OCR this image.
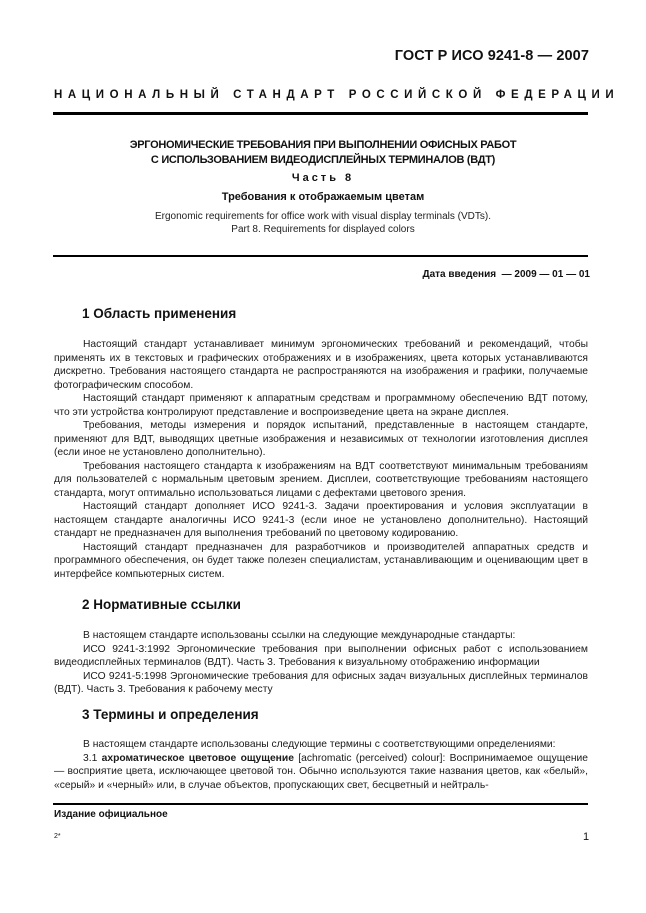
ГОСТ Р ИСО 9241-8 — 2007
НАЦИОНАЛЬНЫЙ СТАНДАРТ РОССИЙСКОЙ ФЕДЕРАЦИИ
ЭРГОНОМИЧЕСКИЕ ТРЕБОВАНИЯ ПРИ ВЫПОЛНЕНИИ ОФИСНЫХ РАБОТ
С ИСПОЛЬЗОВАНИЕМ ВИДЕОДИСПЛЕЙНЫХ ТЕРМИНАЛОВ (ВДТ)
Часть 8
Требования к отображаемым цветам
Ergonomic requirements for office work with visual display terminals (VDTs).
Part 8. Requirements for displayed colors
Дата введения  — 2009 — 01 — 01
1 Область применения

Настоящий стандарт устанавливает минимум эргономических требований и рекомендаций, чтобы применять их в текстовых и графических отображениях и в изображениях, цвета которых устанавливаются дискретно. Требования настоящего стандарта не распространяются на изображения и графики, получаемые фотографическим способом.

Настоящий стандарт применяют к аппаратным средствам и программному обеспечению ВДТ потому, что эти устройства контролируют представление и воспроизведение цвета на экране дисплея.

Требования, методы измерения и порядок испытаний, представленные в настоящем стандарте, применяют для ВДТ, выводящих цветные изображения и независимых от технологии изготовления дисплея (если иное не установлено дополнительно).

Требования настоящего стандарта к изображениям на ВДТ соответствуют минимальным требованиям для пользователей с нормальным цветовым зрением. Дисплеи, соответствующие требованиям настоящего стандарта, могут оптимально использоваться лицами с дефектами цветового зрения.

Настоящий стандарт дополняет ИСО 9241-3. Задачи проектирования и условия эксплуатации в настоящем стандарте аналогичны ИСО 9241-3 (если иное не установлено дополнительно). Настоящий стандарт не предназначен для выполнения требований по цветовому кодированию.

Настоящий стандарт предназначен для разработчиков и производителей аппаратных средств и программного обеспечения, он будет также полезен специалистам, устанавливающим и оценивающим цвет в интерфейсе компьютерных систем.

2 Нормативные ссылки

В настоящем стандарте использованы ссылки на следующие международные стандарты:

ИСО 9241-3:1992 Эргономические требования при выполнении офисных работ с использованием видеодисплейных терминалов (ВДТ). Часть 3. Требования к визуальному отображению информации

ИСО 9241-5:1998 Эргономические требования для офисных задач визуальных дисплейных терминалов (ВДТ). Часть 3. Требования к рабочему месту

3 Термины и определения

В настоящем стандарте использованы следующие термины с соответствующими определениями:

3.1 ахроматическое цветовое ощущение [achromatic (perceived) colour]: Воспринимаемое ощущение — восприятие цвета, исключающее цветовой тон. Обычно используются такие названия цветов, как «белый», «серый» и «черный» или, в случае объектов, пропускающих свет, бесцветный и нейтраль-

Издание официальное
2*	1
